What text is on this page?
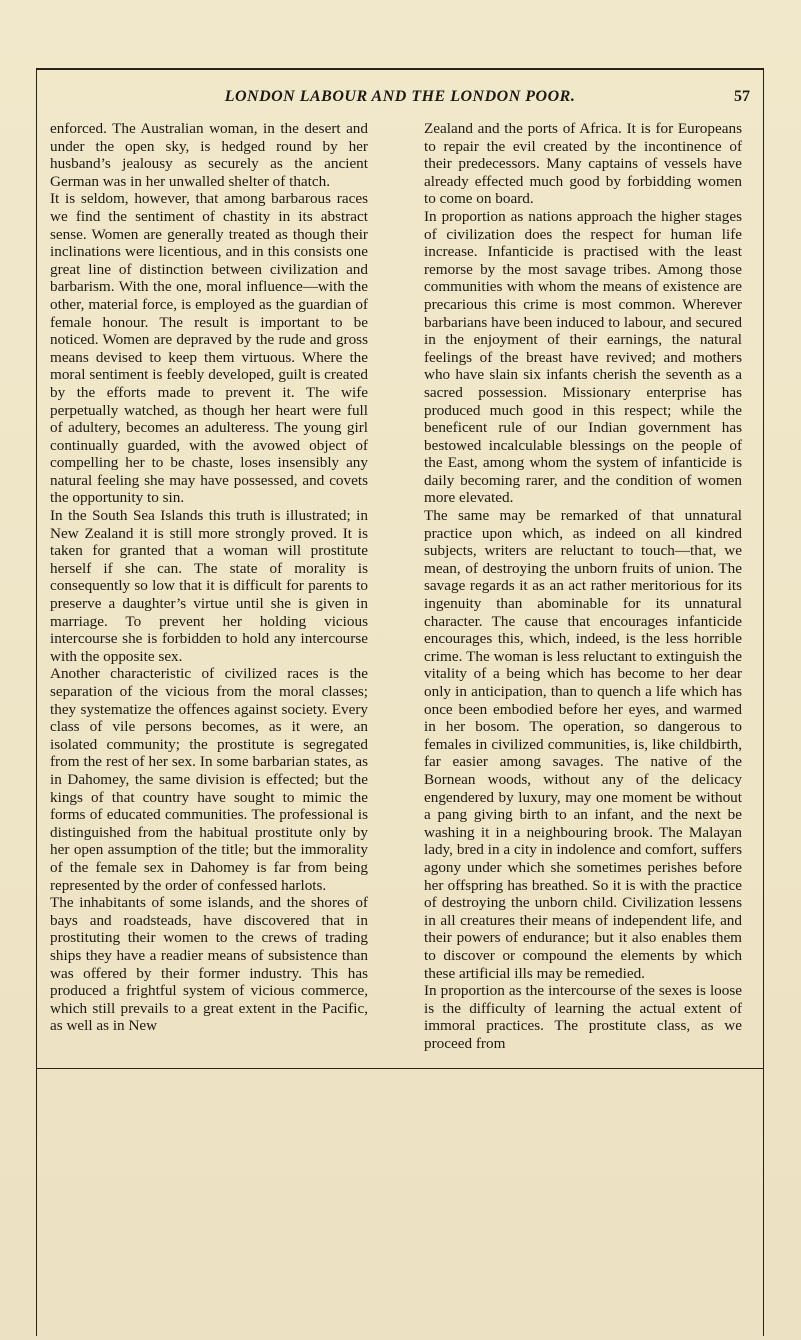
LONDON LABOUR AND THE LONDON POOR.	57

enforced. The Australian woman, in the desert and under the open sky, is hedged round by her husband’s jealousy as securely as the ancient German was in her unwalled shelter of thatch.

It is seldom, however, that among barbarous races we find the sentiment of chastity in its abstract sense. Women are generally treated as though their inclinations were licentious, and in this consists one great line of distinction between civilization and barbarism. With the one, moral influence—with the other, material force, is employed as the guardian of female honour. The result is important to be noticed. Women are depraved by the rude and gross means devised to keep them virtuous. Where the moral sentiment is feebly developed, guilt is created by the efforts made to prevent it. The wife perpetually watched, as though her heart were full of adultery, becomes an adulteress. The young girl continually guarded, with the avowed object of compelling her to be chaste, loses insensibly any natural feeling she may have possessed, and covets the opportunity to sin.

In the South Sea Islands this truth is illustrated; in New Zealand it is still more strongly proved. It is taken for granted that a woman will prostitute herself if she can. The state of morality is consequently so low that it is difficult for parents to preserve a daughter’s virtue until she is given in marriage. To prevent her holding vicious intercourse she is forbidden to hold any intercourse with the opposite sex.

Another characteristic of civilized races is the separation of the vicious from the moral classes; they systematize the offences against society. Every class of vile persons becomes, as it were, an isolated community; the prostitute is segregated from the rest of her sex. In some barbarian states, as in Dahomey, the same division is effected; but the kings of that country have sought to mimic the forms of educated communities. The professional is distinguished from the habitual prostitute only by her open assumption of the title; but the immorality of the female sex in Dahomey is far from being represented by the order of confessed harlots.

The inhabitants of some islands, and the shores of bays and roadsteads, have discovered that in prostituting their women to the crews of trading ships they have a readier means of subsistence than was offered by their former industry. This has produced a frightful system of vicious commerce, which still prevails to a great extent in the Pacific, as well as in New

Zealand and the ports of Africa. It is for Europeans to repair the evil created by the incontinence of their predecessors. Many captains of vessels have already effected much good by forbidding women to come on board.

In proportion as nations approach the higher stages of civilization does the respect for human life increase. Infanticide is practised with the least remorse by the most savage tribes. Among those communities with whom the means of existence are precarious this crime is most common. Wherever barbarians have been induced to labour, and secured in the enjoyment of their earnings, the natural feelings of the breast have revived; and mothers who have slain six infants cherish the seventh as a sacred possession. Missionary enterprise has produced much good in this respect; while the beneficent rule of our Indian government has bestowed incalculable blessings on the people of the East, among whom the system of infanticide is daily becoming rarer, and the condition of women more elevated.

The same may be remarked of that unnatural practice upon which, as indeed on all kindred subjects, writers are reluctant to touch—that, we mean, of destroying the unborn fruits of union. The savage regards it as an act rather meritorious for its ingenuity than abominable for its unnatural character. The cause that encourages infanticide encourages this, which, indeed, is the less horrible crime. The woman is less reluctant to extinguish the vitality of a being which has become to her dear only in anticipation, than to quench a life which has once been embodied before her eyes, and warmed in her bosom. The operation, so dangerous to females in civilized communities, is, like childbirth, far easier among savages. The native of the Bornean woods, without any of the delicacy engendered by luxury, may one moment be without a pang giving birth to an infant, and the next be washing it in a neighbouring brook. The Malayan lady, bred in a city in indolence and comfort, suffers agony under which she sometimes perishes before her offspring has breathed. So it is with the practice of destroying the unborn child. Civilization lessens in all creatures their means of independent life, and their powers of endurance; but it also enables them to discover or compound the elements by which these artificial ills may be remedied.

In proportion as the intercourse of the sexes is loose is the difficulty of learning the actual extent of immoral practices. The prostitute class, as we proceed from
